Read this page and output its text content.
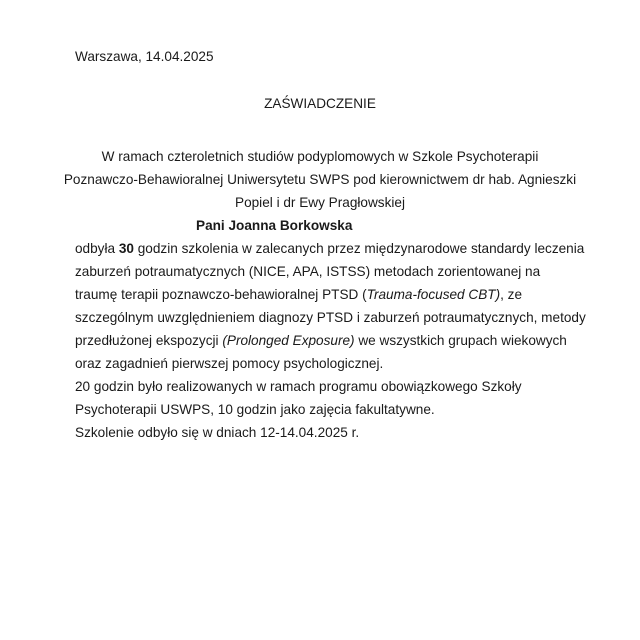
Warszawa, 14.04.2025
ZAŚWIADCZENIE
W ramach czteroletnich studiów podyplomowych w Szkole Psychoterapii
Poznawczo-Behawioralnej Uniwersytetu SWPS pod kierownictwem dr hab. Agnieszki
Popiel i dr Ewy Pragłowskiej
Pani Joanna Borkowska
odbyła 30 godzin szkolenia w zalecanych przez międzynarodowe standardy leczenia
zaburzeń potraumatycznych (NICE, APA, ISTSS) metodach zorientowanej na
traumę terapii poznawczo-behawioralnej PTSD (Trauma-focused CBT), ze
szczególnym uwzględnieniem diagnozy PTSD i zaburzeń potraumatycznych, metody
przedłużonej ekspozycji (Prolonged Exposure) we wszystkich grupach wiekowych
oraz zagadnień pierwszej pomocy psychologicznej.
20 godzin było realizowanych w ramach programu obowiązkowego Szkoły
Psychoterapii USWPS, 10 godzin jako zajęcia fakultatywne.
Szkolenie odbyło się w dniach 12-14.04.2025 r.
